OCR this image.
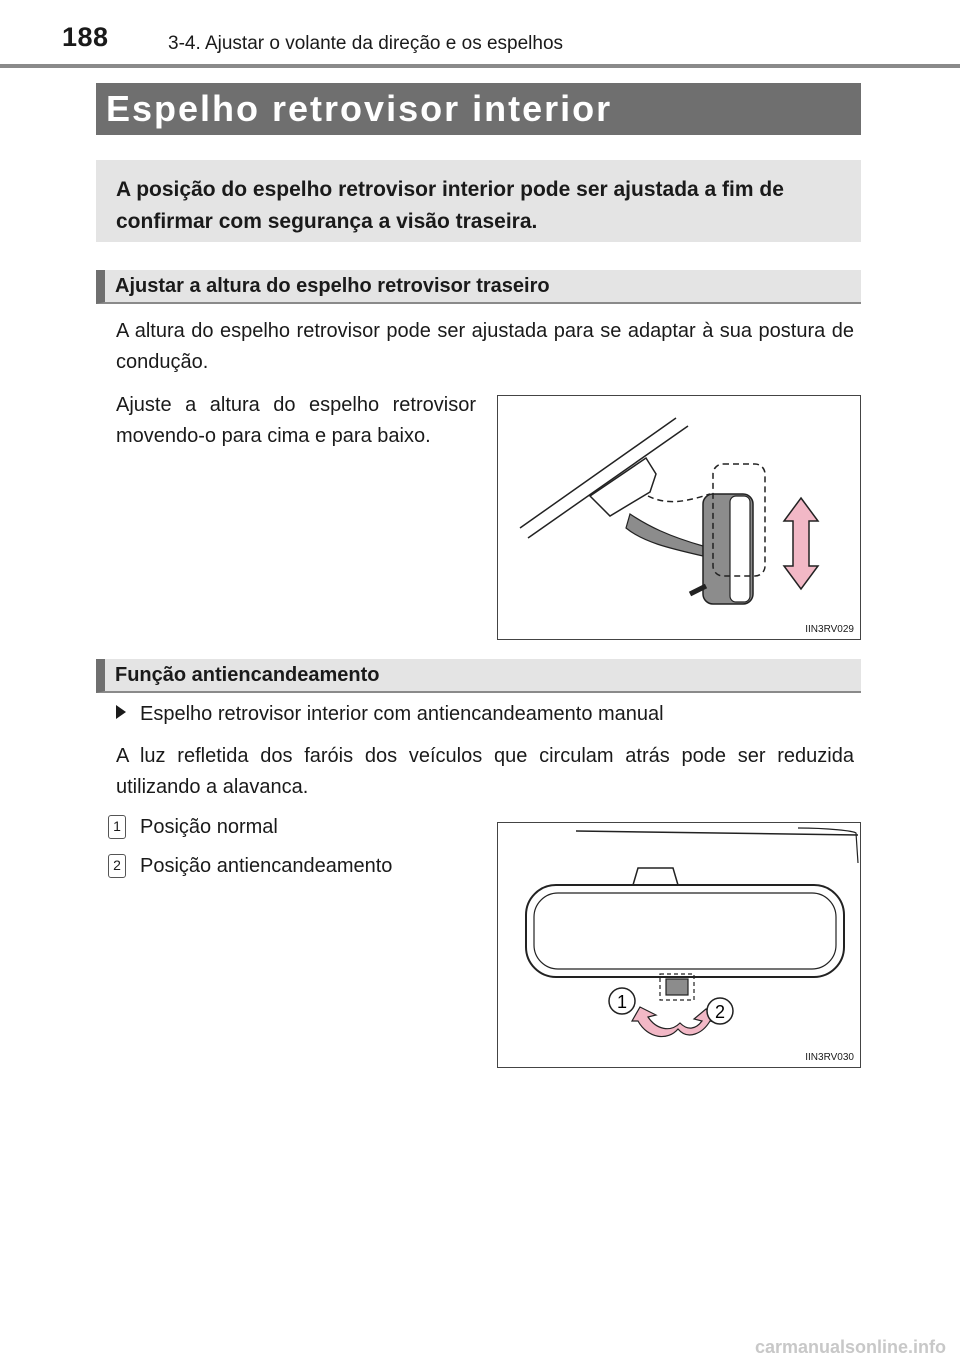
188	3-4. Ajustar o volante da direção e os espelhos
Espelho retrovisor interior
A posição do espelho retrovisor interior pode ser ajustada a fim de confirmar com segurança a visão traseira.
Ajustar a altura do espelho retrovisor traseiro
A altura do espelho retrovisor pode ser ajustada para se adaptar à sua postura de condução.
Ajuste a altura do espelho retrovisor movendo-o para cima e para baixo.
IIN3RV029
Função antiencandeamento
Espelho retrovisor interior com antiencandeamento manual
A luz refletida dos faróis dos veículos que circulam atrás pode ser reduzida utilizando a alavanca.
1 Posição normal
2 Posição antiencandeamento
1	2
IIN3RV030
carmanualsonline.info
